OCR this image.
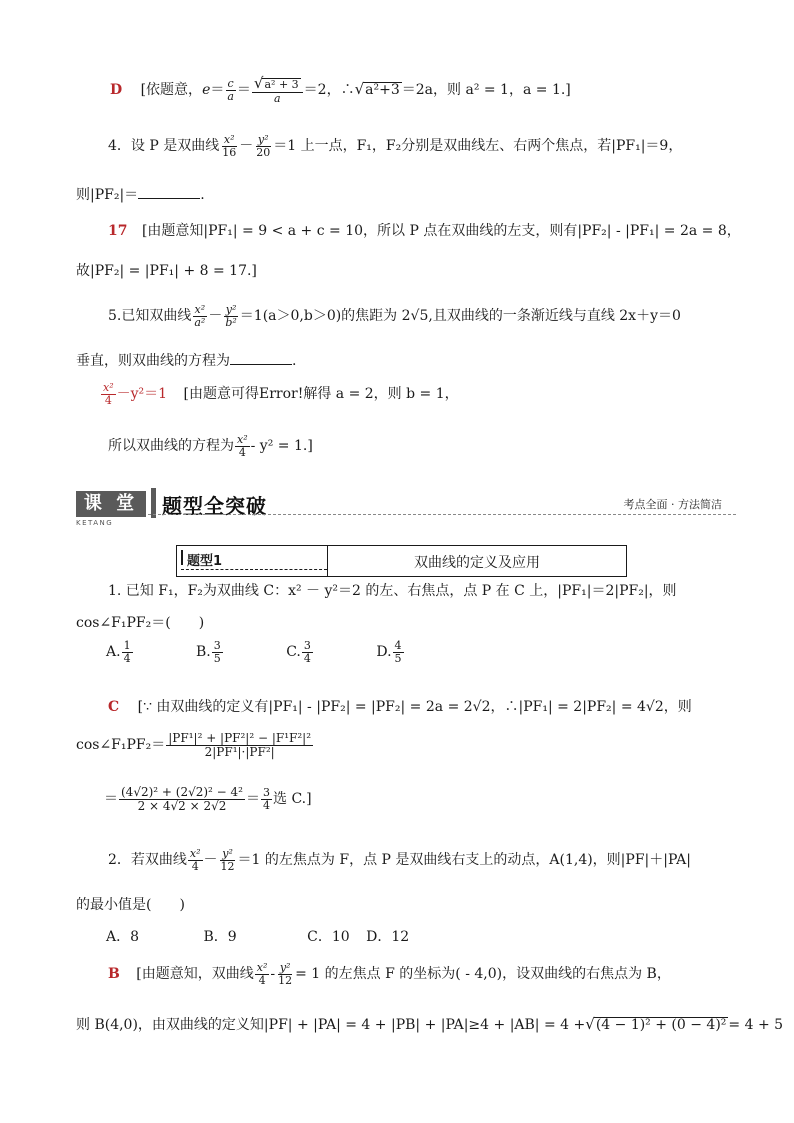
D [依题意，$e= \frac{c}{a} = \frac{\text{√a² + 3}}{a} =2$，∴√a²+3 ＝2a，则 a² = 1，a = 1.]
4．设 P 是双曲线 $\frac{\text{x²}}{16} - \frac{\text{y²}}{20} =1$ 上一点，F₁，F₂分别是双曲线左、右两个焦点，若|PF₁|＝9，
则|PF₂|＝	.
17 [由题意知|PF₁| = 9 < a + c = 10，所以 P 点在双曲线的左支，则有|PF₂| - |PF₁| = 2a = 8，
故|PF₂| = |PF₁| + 8 = 17.]
5.已知双曲线 $\frac{\text{x²}}{\text{a²}} - \frac{\text{y²}}{\text{b²}} =1(a>0,b>0)$的焦距为 2√5,且双曲线的一条渐近线与直线 2x＋y＝0
垂直，则双曲线的方程为	.
$\frac{\text{x²}}{4} -y^2=1$ [由题意可得Error!解得 a = 2，则 b = 1，
所以双曲线的方程为 $\frac{\text{x²}}{4} - y^2 = 1$.]
课 堂
KETANG
题型全突破	考点全面 · 方法简洁
题型1	双曲线的定义及应用
1. 已知 F₁，F₂为双曲线 C：x² － y²＝2 的左、右焦点，点 P 在 C 上，|PF₁|＝2|PF₂|，则
cos∠F₁PF₂＝(　　)
A. $\frac{1}{4}$	B. $\frac{3}{5}$	C. $\frac{3}{4}$	D. $\frac{4}{5}$
C [∵ 由双曲线的定义有|PF₁| - |PF₂| = |PF₂| = 2a = 2√2，∴|PF₁| = 2|PF₂| = 4√2，则
cos∠F₁PF₂＝ $\frac{\text{|PF¹|² + |PF²|² − |F¹F²|²}}{\text{2|PF¹|·|PF²|}}$
＝ $\frac{\text{(4√2)² + (2√2)² − 4²}}{2 \times 4√2 \times 2√2} = \frac{3}{4}$ 选 C.]
2．若双曲线 $\frac{\text{x²}}{4} - \frac{\text{y²}}{12} =1$ 的左焦点为 F，点 P 是双曲线右支上的动点，A(1,4)，则|PF|＋|PA|
的最小值是(　　)
A．8	B．9	C．10 D．12
B [由题意知，双曲线 $\frac{\text{x²}}{4} - \frac{\text{y²}}{12} = 1$ 的左焦点 F 的坐标为( - 4,0)，设双曲线的右焦点为 B，
则 B(4,0)，由双曲线的定义知|PF| + |PA| = 4 + |PB| + |PA|≥4 + |AB| = 4 +√(4 − 1)² + (0 − 4)² = 4 + 5
